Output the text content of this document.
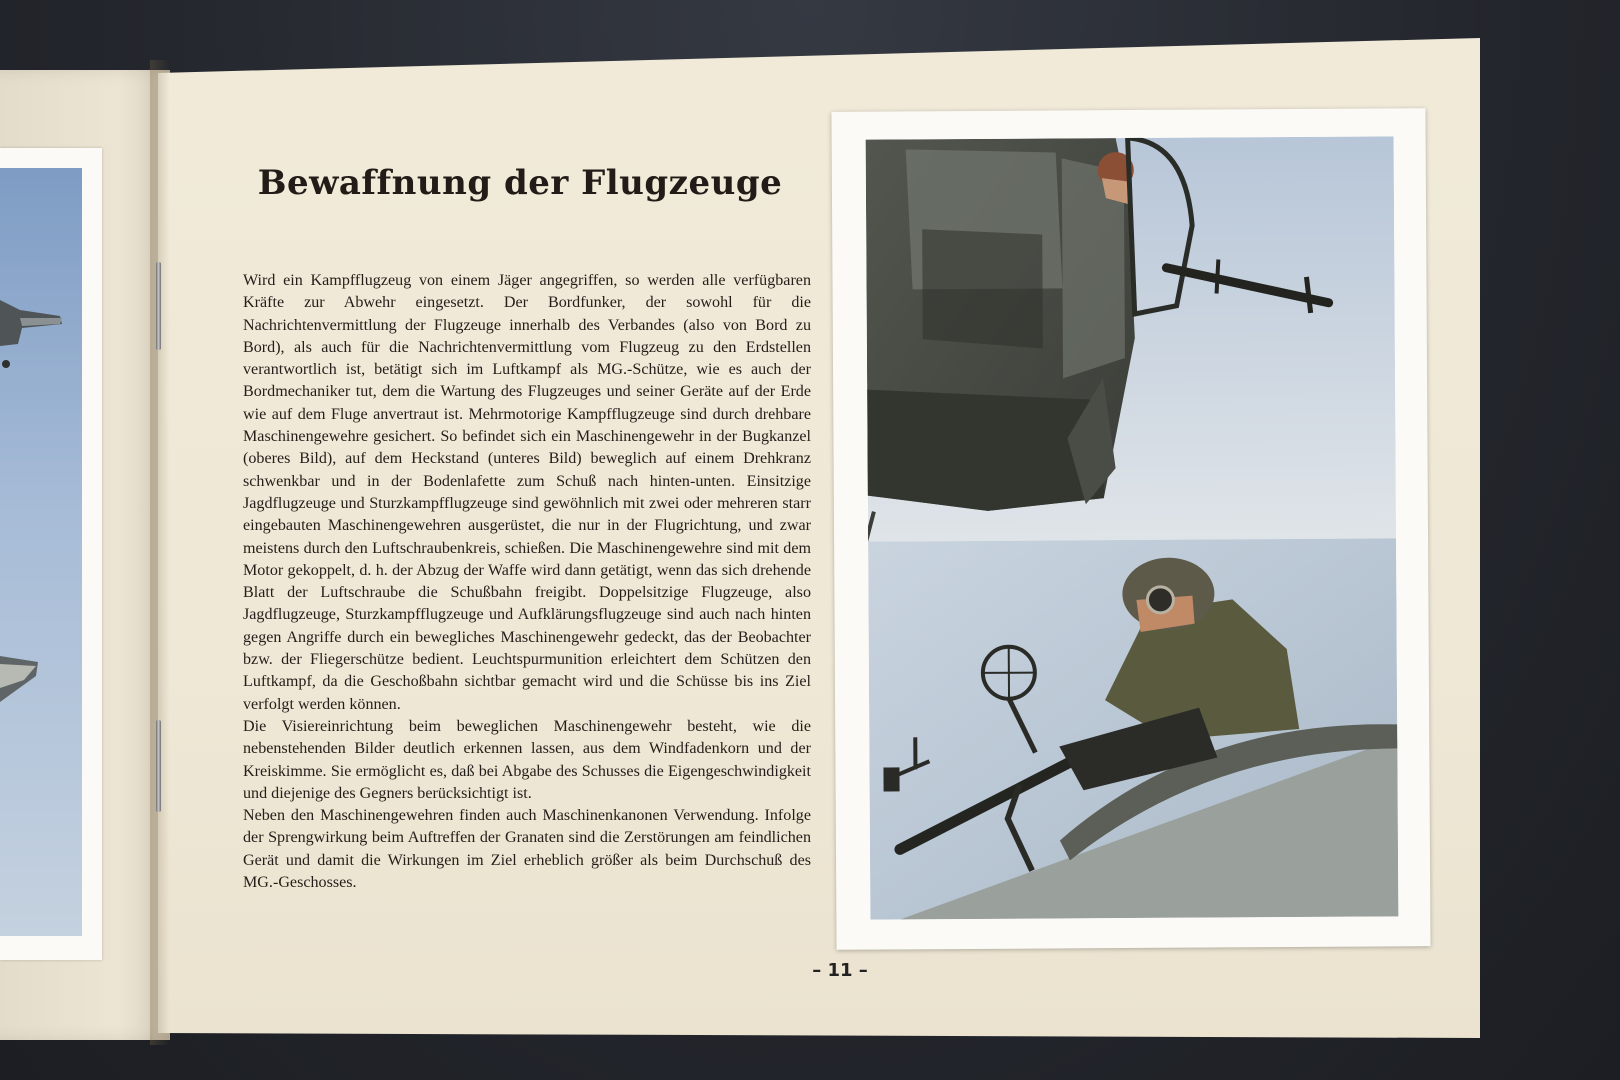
Bewaffnung der Flugzeuge

Wird ein Kampfflugzeug von einem Jäger angegriffen, so werden alle verfügbaren Kräfte zur Abwehr eingesetzt. Der Bordfunker, der sowohl für die Nachrichtenvermittlung der Flugzeuge innerhalb des Verbandes (also von Bord zu Bord), als auch für die Nachrichtenvermittlung vom Flugzeug zu den Erdstellen verantwortlich ist, betätigt sich im Luftkampf als MG.-Schütze, wie es auch der Bordmechaniker tut, dem die Wartung des Flugzeuges und seiner Geräte auf der Erde wie auf dem Fluge anvertraut ist. Mehrmotorige Kampfflugzeuge sind durch drehbare Maschinengewehre gesichert. So befindet sich ein Maschinengewehr in der Bugkanzel (oberes Bild), auf dem Heckstand (unteres Bild) beweglich auf einem Drehkranz schwenkbar und in der Bodenlafette zum Schuß nach hinten-unten. Einsitzige Jagdflugzeuge und Sturzkampfflugzeuge sind gewöhnlich mit zwei oder mehreren starr eingebauten Maschinengewehren ausgerüstet, die nur in der Flugrichtung, und zwar meistens durch den Luftschraubenkreis, schießen. Die Maschinengewehre sind mit dem Motor gekoppelt, d. h. der Abzug der Waffe wird dann getätigt, wenn das sich drehende Blatt der Luftschraube die Schußbahn freigibt. Doppelsitzige Flugzeuge, also Jagdflugzeuge, Sturzkampfflugzeuge und Aufklärungsflugzeuge sind auch nach hinten gegen Angriffe durch ein bewegliches Maschinengewehr gedeckt, das der Beobachter bzw. der Fliegerschütze bedient. Leuchtspurmunition erleichtert dem Schützen den Luftkampf, da die Geschoßbahn sichtbar gemacht wird und die Schüsse bis ins Ziel verfolgt werden können.

Die Visiereinrichtung beim beweglichen Maschinengewehr besteht, wie die nebenstehenden Bilder deutlich erkennen lassen, aus dem Windfadenkorn und der Kreiskimme. Sie ermöglicht es, daß bei Abgabe des Schusses die Eigengeschwindigkeit und diejenige des Gegners berücksichtigt ist.

Neben den Maschinengewehren finden auch Maschinenkanonen Verwendung. Infolge der Sprengwirkung beim Auftreffen der Granaten sind die Zerstörungen am feindlichen Gerät und damit die Wirkungen im Ziel erheblich größer als beim Durchschuß des MG.-Geschosses.

– 11 –
